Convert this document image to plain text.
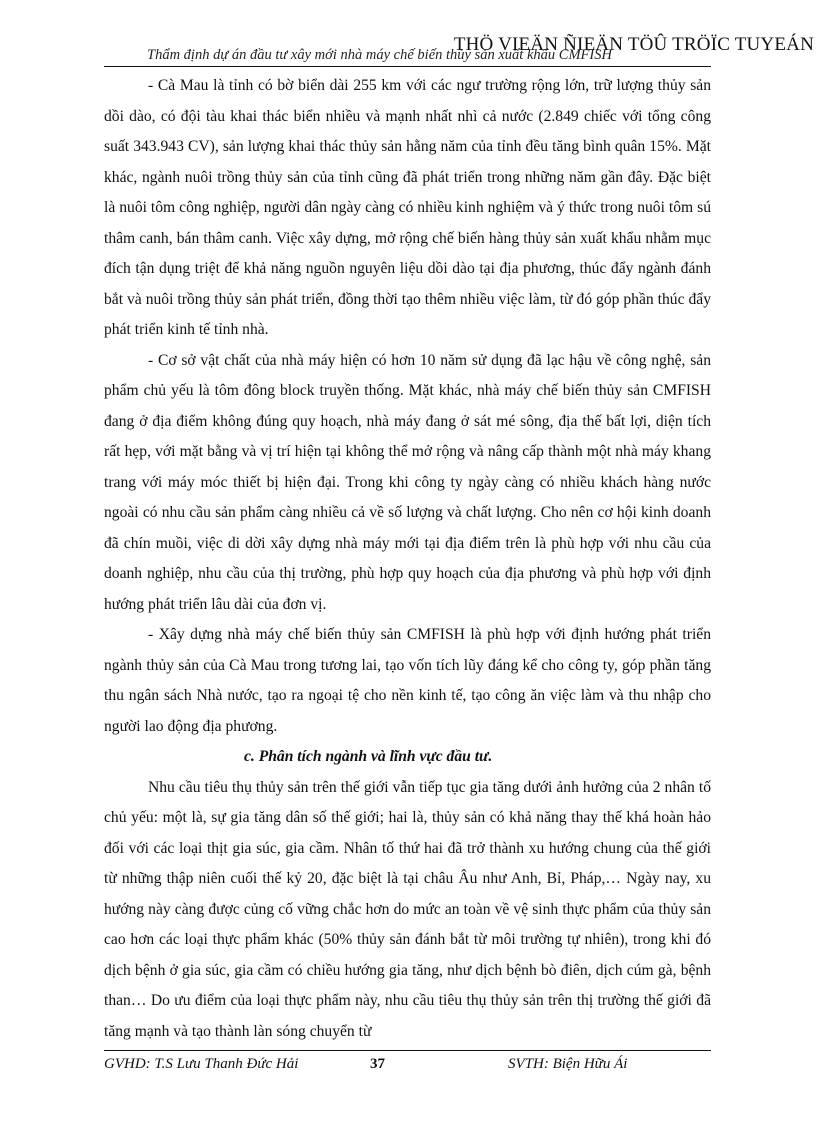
THÖ VIEÄN ÑIEÄN TÖÛ TRÖÏC TUYEÁN
Thẩm định dự án đầu tư xây mới nhà máy chế biến thủy sản xuất khẩu CMFISH

- Cà Mau là tỉnh có bờ biển dài 255 km với các ngư trường rộng lớn, trữ lượng thủy sản dồi dào, có đội tàu khai thác biển nhiều và mạnh nhất nhì cả nước (2.849 chiếc với tổng công suất 343.943 CV), sản lượng khai thác thủy sản hằng năm của tỉnh đều tăng bình quân 15%. Mặt khác, ngành nuôi trồng thủy sản của tỉnh cũng đã phát triển trong những năm gần đây. Đặc biệt là nuôi tôm công nghiệp, người dân ngày càng có nhiều kinh nghiệm và ý thức trong nuôi tôm sú thâm canh, bán thâm canh. Việc xây dựng, mở rộng chế biến hàng thủy sản xuất khẩu nhằm mục đích tận dụng triệt để khả năng nguồn nguyên liệu dồi dào tại địa phương, thúc đẩy ngành đánh bắt và nuôi trồng thủy sản phát triển, đồng thời tạo thêm nhiều việc làm, từ đó góp phần thúc đẩy phát triển kinh tế tỉnh nhà.

- Cơ sở vật chất của nhà máy hiện có hơn 10 năm sử dụng đã lạc hậu về công nghệ, sản phẩm chủ yếu là tôm đông block truyền thống. Mặt khác, nhà máy chế biến thủy sản CMFISH đang ở địa điểm không đúng quy hoạch, nhà máy đang ở sát mé sông, địa thế bất lợi, diện tích rất hẹp, với mặt bằng và vị trí hiện tại không thể mở rộng và nâng cấp thành một nhà máy khang trang với máy móc thiết bị hiện đại. Trong khi công ty ngày càng có nhiều khách hàng nước ngoài có nhu cầu sản phẩm càng nhiều cả về số lượng và chất lượng. Cho nên cơ hội kinh doanh đã chín muồi, việc di dời xây dựng nhà máy mới tại địa điểm trên là phù hợp với nhu cầu của doanh nghiệp, nhu cầu của thị trường, phù hợp quy hoạch của địa phương và phù hợp với định hướng phát triển lâu dài của đơn vị.

- Xây dựng nhà máy chế biến thủy sản CMFISH là phù hợp với định hướng phát triển ngành thủy sản của Cà Mau trong tương lai, tạo vốn tích lũy đáng kể cho công ty, góp phần tăng thu ngân sách Nhà nước, tạo ra ngoại tệ cho nền kinh tế, tạo công ăn việc làm và thu nhập cho người lao động địa phương.

c. Phân tích ngành và lĩnh vực đầu tư.

Nhu cầu tiêu thụ thủy sản trên thế giới vẫn tiếp tục gia tăng dưới ảnh hưởng của 2 nhân tố chủ yếu: một là, sự gia tăng dân số thế giới; hai là, thủy sản có khả năng thay thế khá hoàn hảo đối với các loại thịt gia súc, gia cầm. Nhân tố thứ hai đã trở thành xu hướng chung của thế giới từ những thập niên cuối thế kỷ 20, đặc biệt là tại châu Âu như Anh, Bỉ, Pháp,… Ngày nay, xu hướng này càng được củng cố vững chắc hơn do mức an toàn về vệ sinh thực phẩm của thủy sản cao hơn các loại thực phẩm khác (50% thủy sản đánh bắt từ môi trường tự nhiên), trong khi đó dịch bệnh ở gia súc, gia cầm có chiều hướng gia tăng, như dịch bệnh bò điên, dịch cúm gà, bệnh than… Do ưu điểm của loại thực phẩm này, nhu cầu tiêu thụ thủy sản trên thị trường thế giới đã tăng mạnh và tạo thành làn sóng chuyển từ

GVHD: T.S Lưu Thanh Đức Hải	37	SVTH: Biện Hữu Ái
